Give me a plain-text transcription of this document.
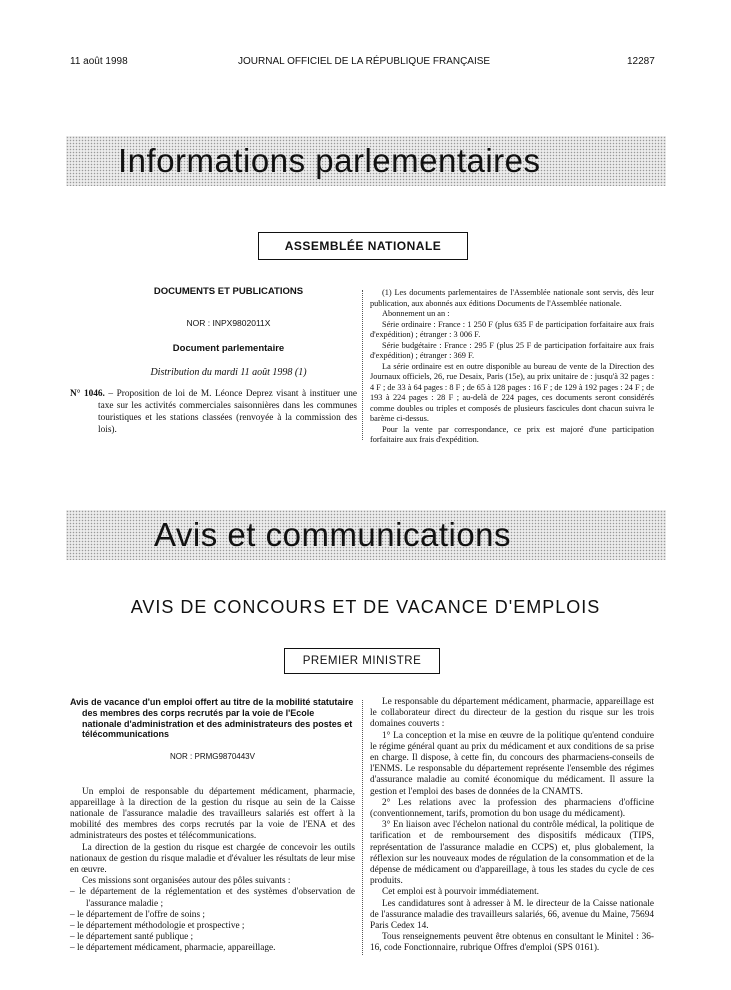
11 août 1998	JOURNAL OFFICIEL DE LA RÉPUBLIQUE FRANÇAISE	12287
Informations parlementaires
ASSEMBLÉE NATIONALE
DOCUMENTS ET PUBLICATIONS
NOR : INPX9802011X
Document parlementaire
Distribution du mardi 11 août 1998 (1)
N° 1046. – Proposition de loi de M. Léonce Deprez visant à instituer une taxe sur les activités commerciales saisonnières dans les communes touristiques et les stations classées (renvoyée à la commission des lois).

(1) Les documents parlementaires de l'Assemblée nationale sont servis, dès leur publication, aux abonnés aux éditions Documents de l'Assemblée nationale.

Abonnement un an :

Série ordinaire : France : 1 250 F (plus 635 F de participation forfaitaire aux frais d'expédition) ; étranger : 3 006 F.

Série budgétaire : France : 295 F (plus 25 F de participation forfaitaire aux frais d'expédition) ; étranger : 369 F.

La série ordinaire est en outre disponible au bureau de vente de la Direction des Journaux officiels, 26, rue Desaix, Paris (15e), au prix unitaire de : jusqu'à 32 pages : 4 F ; de 33 à 64 pages : 8 F ; de 65 à 128 pages : 16 F ; de 129 à 192 pages : 24 F ; de 193 à 224 pages : 28 F ; au-delà de 224 pages, ces documents seront considérés comme doubles ou triples et composés de plusieurs fascicules dont chacun suivra le barème ci-dessus.

Pour la vente par correspondance, ce prix est majoré d'une participation forfaitaire aux frais d'expédition.

Avis et communications
AVIS DE CONCOURS ET DE VACANCE D'EMPLOIS
PREMIER MINISTRE
Avis de vacance d'un emploi offert au titre de la mobilité statutaire des membres des corps recrutés par la voie de l'Ecole nationale d'administration et des administrateurs des postes et télécommunications
NOR : PRMG9870443V

Un emploi de responsable du département médicament, pharmacie, appareillage à la direction de la gestion du risque au sein de la Caisse nationale de l'assurance maladie des travailleurs salariés est offert à la mobilité des membres des corps recrutés par la voie de l'ENA et des administrateurs des postes et télécommunications.

La direction de la gestion du risque est chargée de concevoir les outils nationaux de gestion du risque maladie et d'évaluer les résultats de leur mise en œuvre.

Ces missions sont organisées autour des pôles suivants :

– le département de la réglementation et des systèmes d'observation de l'assurance maladie ;
– le département de l'offre de soins ;
– le département méthodologie et prospective ;
– le département santé publique ;
– le département médicament, pharmacie, appareillage.

Le responsable du département médicament, pharmacie, appareillage est le collaborateur direct du directeur de la gestion du risque sur les trois domaines couverts :

1° La conception et la mise en œuvre de la politique qu'entend conduire le régime général quant au prix du médicament et aux conditions de sa prise en charge. Il dispose, à cette fin, du concours des pharmaciens-conseils de l'ENMS. Le responsable du département représente l'ensemble des régimes d'assurance maladie au comité économique du médicament. Il assure la gestion et l'emploi des bases de données de la CNAMTS.

2° Les relations avec la profession des pharmaciens d'officine (conventionnement, tarifs, promotion du bon usage du médicament).

3° En liaison avec l'échelon national du contrôle médical, la politique de tarification et de remboursement des dispositifs médicaux (TIPS, représentation de l'assurance maladie en CCPS) et, plus globalement, la réflexion sur les nouveaux modes de régulation de la consommation et de la dépense de médicament ou d'appareillage, à tous les stades du cycle de ces produits.

Cet emploi est à pourvoir immédiatement.

Les candidatures sont à adresser à M. le directeur de la Caisse nationale de l'assurance maladie des travailleurs salariés, 66, avenue du Maine, 75694 Paris Cedex 14.

Tous renseignements peuvent être obtenus en consultant le Minitel : 36-16, code Fonctionnaire, rubrique Offres d'emploi (SPS 0161).
